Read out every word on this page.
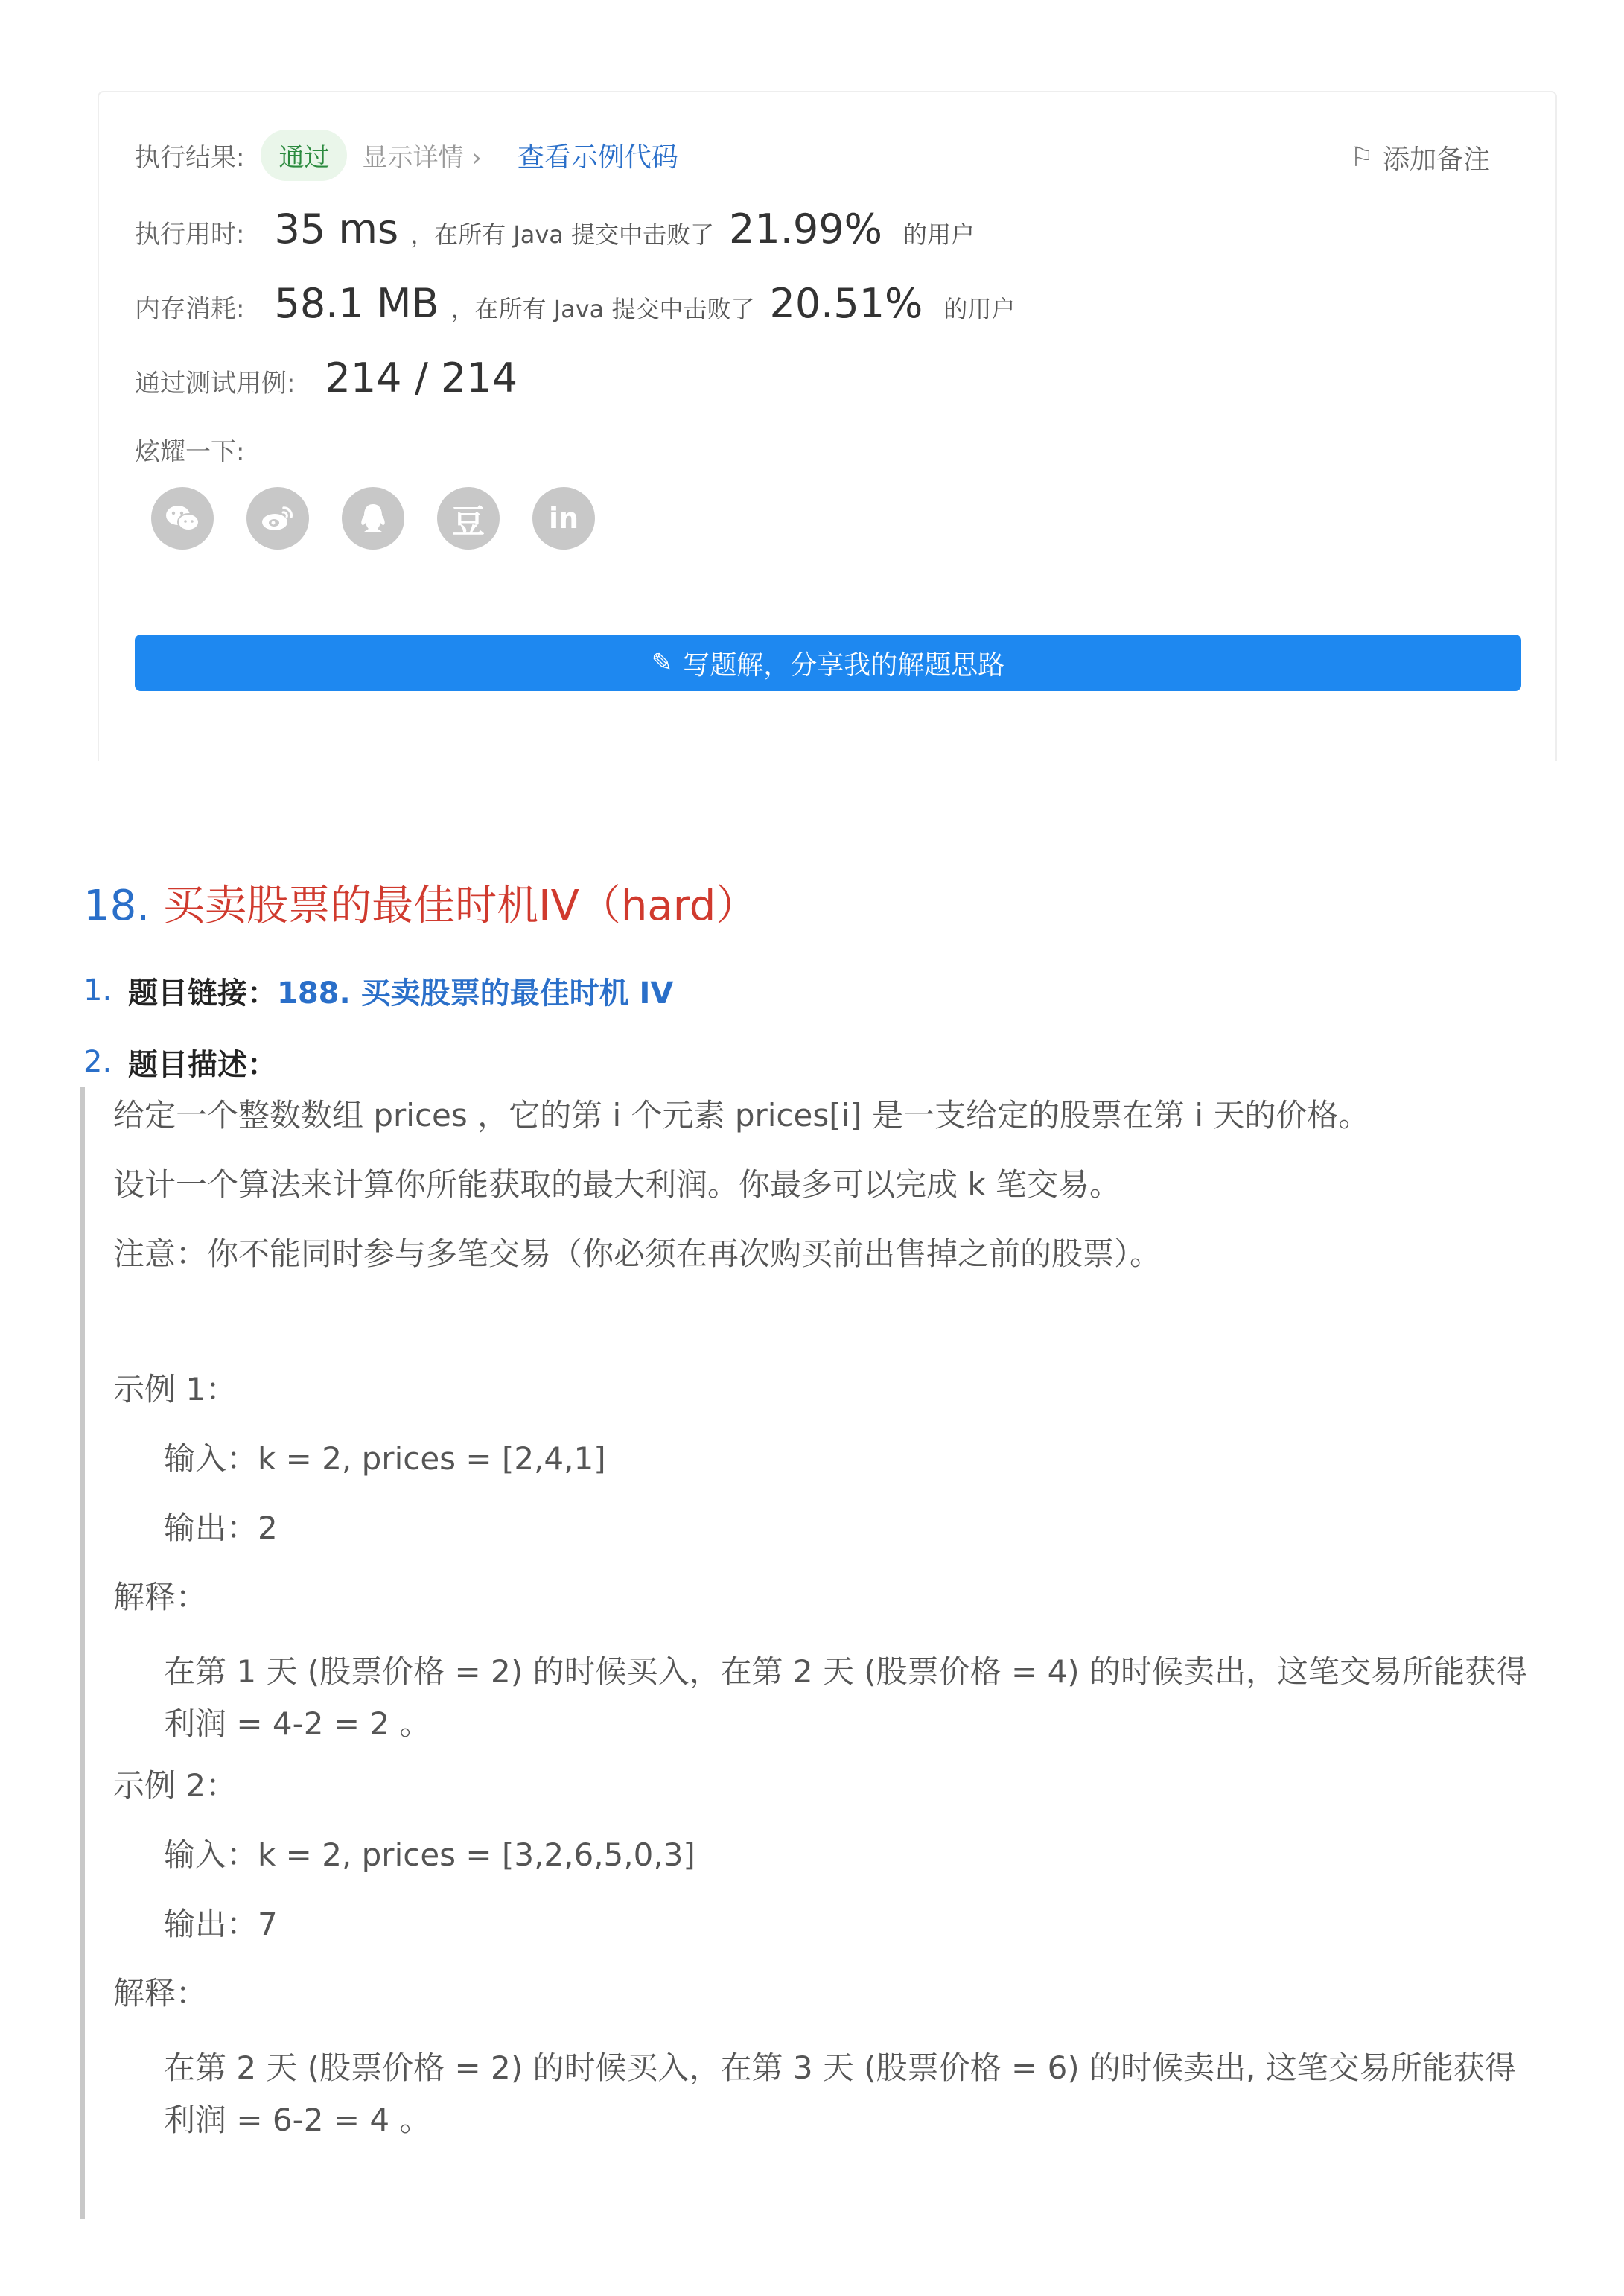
执行结果:	通过	显示详情 › 查看示例代码	⚐ 添加备注
执行用时: 35 ms ，在所有 Java 提交中击败了 21.99% 的用户
内存消耗: 58.1 MB ，在所有 Java 提交中击败了 20.51% 的用户
通过测试用例: 214 / 214
炫耀一下:
豆	in
✎ 写题解，分享我的解题思路
18. 买卖股票的最佳时机IV（hard）
1. 题目链接： 188. 买卖股票的最佳时机 IV
2. 题目描述：
给定一个整数数组 prices ，它的第 i 个元素 prices[i] 是一支给定的股票在第 i 天的价格。
设计一个算法来计算你所能获取的最大利润。你最多可以完成 k 笔交易。
注意：你不能同时参与多笔交易（你必须在再次购买前出售掉之前的股票）。
示例 1：
输入：k = 2, prices = [2,4,1]
输出：2
解释：
在第 1 天 (股票价格 = 2) 的时候买入，在第 2 天 (股票价格 = 4) 的时候卖出，这笔交易所能获得利润 = 4-2 = 2 。
示例 2：
输入：k = 2, prices = [3,2,6,5,0,3]
输出：7
解释：
在第 2 天 (股票价格 = 2) 的时候买入，在第 3 天 (股票价格 = 6) 的时候卖出, 这笔交易所能获得利润 = 6-2 = 4 。
